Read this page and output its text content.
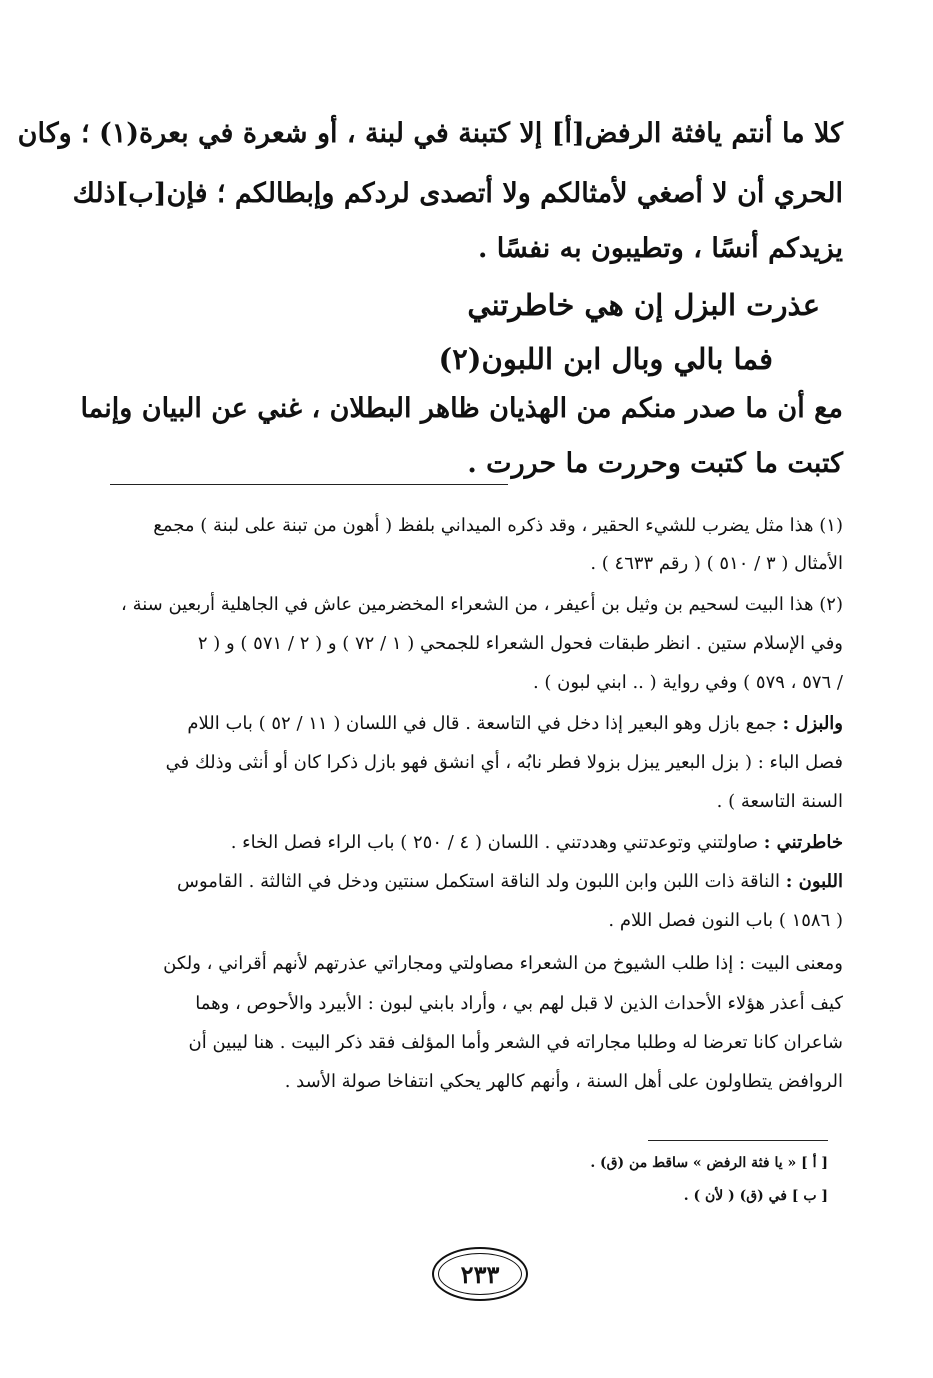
كلا ما أنتم يافثة الرفض[أ] إلا كتبنة في لبنة ، أو شعرة في بعرة(١) ؛ وكان
الحري أن لا أصغي لأمثالكم ولا أتصدى لردكم وإبطالكم ؛ فإن[ب]ذلك
يزيدكم أنسًا ، وتطيبون به نفسًا .
عذرت البزل إن هي خاطرتني
فما بالي وبال ابن اللبون(٢)
مع أن ما صدر منكم من الهذيان ظاهر البطلان ، غني عن البيان وإنما
كتبت ما كتبت وحررت ما حررت .
(١) هذا مثل يضرب للشيء الحقير ، وقد ذكره الميداني بلفظ ( أهون من تبنة على لبنة ) مجمع
الأمثال ( ٣ / ٥١٠ ) ( رقم ٤٦٣٣ ) .
(٢) هذا البيت لسحيم بن وثيل بن أعيفر ، من الشعراء المخضرمين عاش في الجاهلية أربعين سنة ،
وفي الإسلام ستين . انظر طبقات فحول الشعراء للجمحي ( ١ / ٧٢ ) و ( ٢ / ٥٧١ ) و ( ٢
/ ٥٧٦ ، ٥٧٩ ) وفي رواية ( .. ابني لبون ) .
والبزل : جمع بازل وهو البعير إذا دخل في التاسعة . قال في اللسان ( ١١ / ٥٢ ) باب اللام
فصل الباء : ( بزل البعير يبزل بزولا فطر نابُه ، أي انشق فهو بازل ذكرا كان أو أنثى وذلك في
السنة التاسعة ) .
خاطرتني : صاولتني وتوعدتني وهددتني . اللسان ( ٤ / ٢٥٠ ) باب الراء فصل الخاء .
اللبون : الناقة ذات اللبن وابن اللبون ولد الناقة استكمل سنتين ودخل في الثالثة . القاموس
( ١٥٨٦ ) باب النون فصل اللام .
ومعنى البيت : إذا طلب الشيوخ من الشعراء مصاولتي ومجاراتي عذرتهم لأنهم أقراني ، ولكن
كيف أعذر هؤلاء الأحداث الذين لا قبل لهم بي ، وأراد بابني لبون : الأبيرد والأحوص ، وهما
شاعران كانا تعرضا له وطلبا مجاراته في الشعر وأما المؤلف فقد ذكر البيت . هنا ليبين أن
الروافض يتطاولون على أهل السنة ، وأنهم كالهر يحكي انتفاخا صولة الأسد .
[ أ ] « يا فثة الرفض » ساقط من (ق) .
[ ب ] في (ق) ( لأن ) .
٢٣٣
